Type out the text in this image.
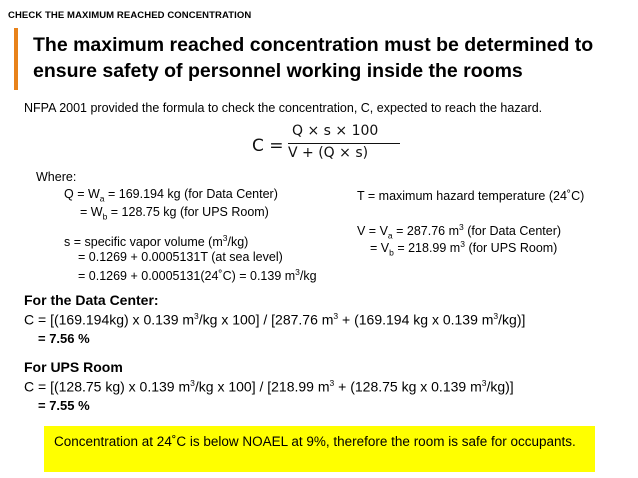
CHECK THE MAXIMUM REACHED CONCENTRATION
The maximum reached concentration must be determined to ensure safety of personnel working inside the rooms
NFPA 2001 provided the formula to check the concentration, C, expected to reach the hazard.
C =
Q × s × 100
V + (Q × s)
Where:
$Q = W_a = 169.194$ kg (for Data Center)
= $W_b = 128.75$ kg (for UPS Room)
s = specific vapor volume $(m^3/kg)$
= 0.1269 + 0.0005131T (at sea level)
= 0.1269 + 0.0005131(24˚C) = 0.139 $m^3/kg$
T = maximum hazard temperature (24˚C)
$V = V_a = 287.76$ $m^3$ (for Data Center)
= $V_b = 218.99$ $m^3$ (for UPS Room)
For the Data Center:
C = [(169.194kg) x 0.139 $m^3/kg$ x 100] / [287.76 $m^3 + (169.194$ kg x 0.139 $m^3/kg$)]
= 7.56 %
For UPS Room
C = [(128.75 kg) x 0.139 $m^3/kg$ x 100] / [218.99 $m^3 + (128.75$ kg x 0.139 $m^3/kg$)]
= 7.55 %
Concentration at 24˚C is below NOAEL at 9%, therefore the room is safe for occupants.
